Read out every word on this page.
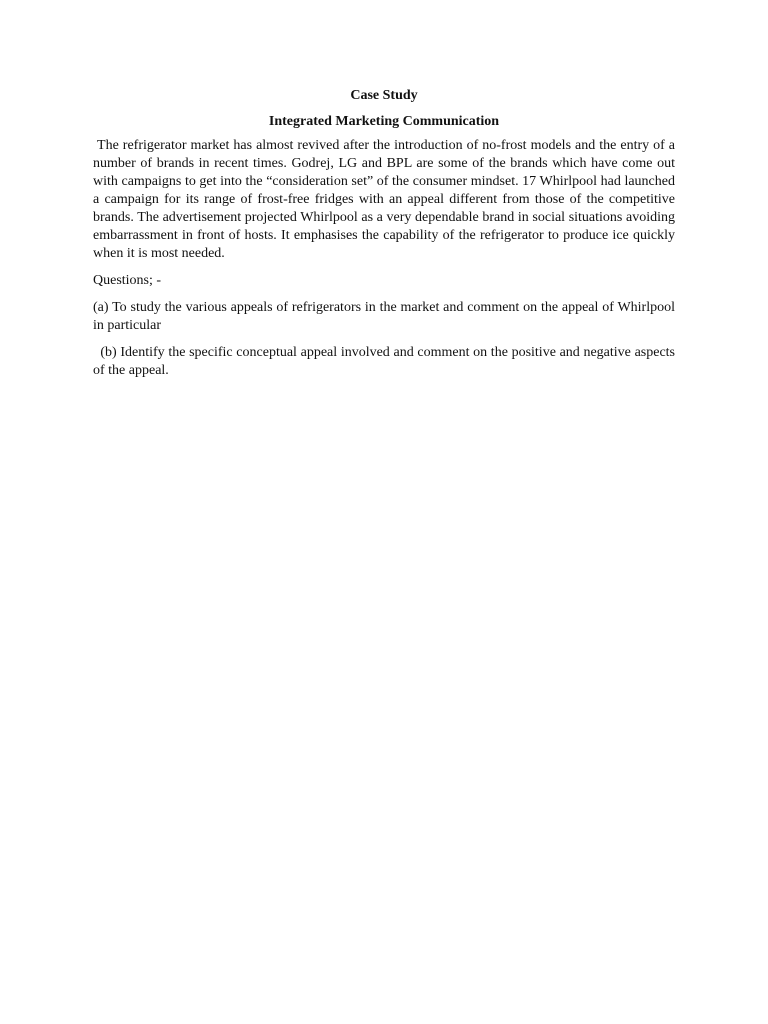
Case Study

Integrated Marketing Communication

The refrigerator market has almost revived after the introduction of no-frost models and the entry of a number of brands in recent times. Godrej, LG and BPL are some of the brands which have come out with campaigns to get into the “consideration set” of the consumer mindset. 17 Whirlpool had launched a campaign for its range of frost-free fridges with an appeal different from those of the competitive brands. The advertisement projected Whirlpool as a very dependable brand in social situations avoiding embarrassment in front of hosts. It emphasises the capability of the refrigerator to produce ice quickly when it is most needed.

Questions; -

(a) To study the various appeals of refrigerators in the market and comment on the appeal of Whirlpool in particular

(b) Identify the specific conceptual appeal involved and comment on the positive and negative aspects of the appeal.
